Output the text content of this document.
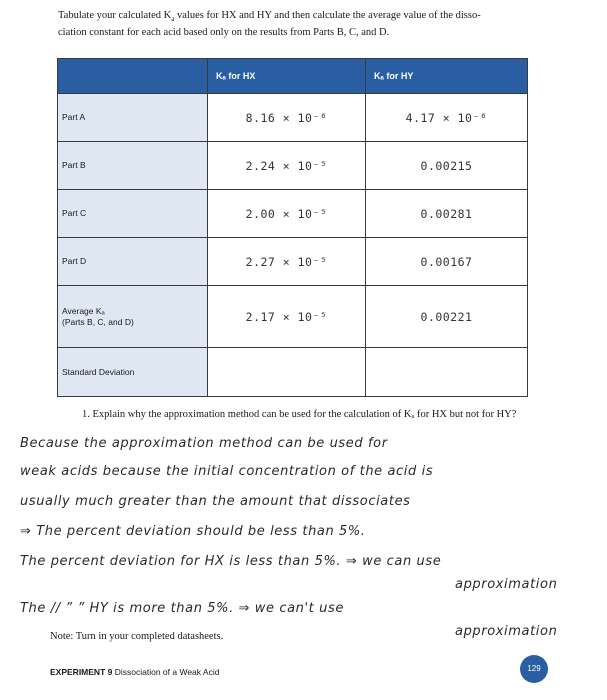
Tabulate your calculated $K_a$ values for HX and HY and then calculate the average value of the disso-
ciation constant for each acid based only on the results from Parts B, C, and D.
	Kₐ for HX	Kₐ for HY
Part A	8.16 × 10⁻⁶	4.17 × 10⁻⁶
Part B	2.24 × 10⁻⁵	0.00215
Part C	2.00 × 10⁻⁵	0.00281
Part D	2.27 × 10⁻⁵	0.00167
Average Kₐ
(Parts B, C, and D)	2.17 × 10⁻⁵	0.00221
Standard Deviation		
1. Explain why the approximation method can be used for the calculation of Kₐ for HX but not for HY?
Because the approximation method can be used for
weak acids because the initial concentration of the acid is
usually much greater than the amount that dissociates
⇒ The percent deviation should be less than 5%.
The percent deviation for HX is less than 5%. ⇒ we can use
approximation
The // ” ” HY is more than 5%. ⇒ we can't use
approximation
Note: Turn in your completed datasheets.
EXPERIMENT 9 Dissociation of a Weak Acid	129
